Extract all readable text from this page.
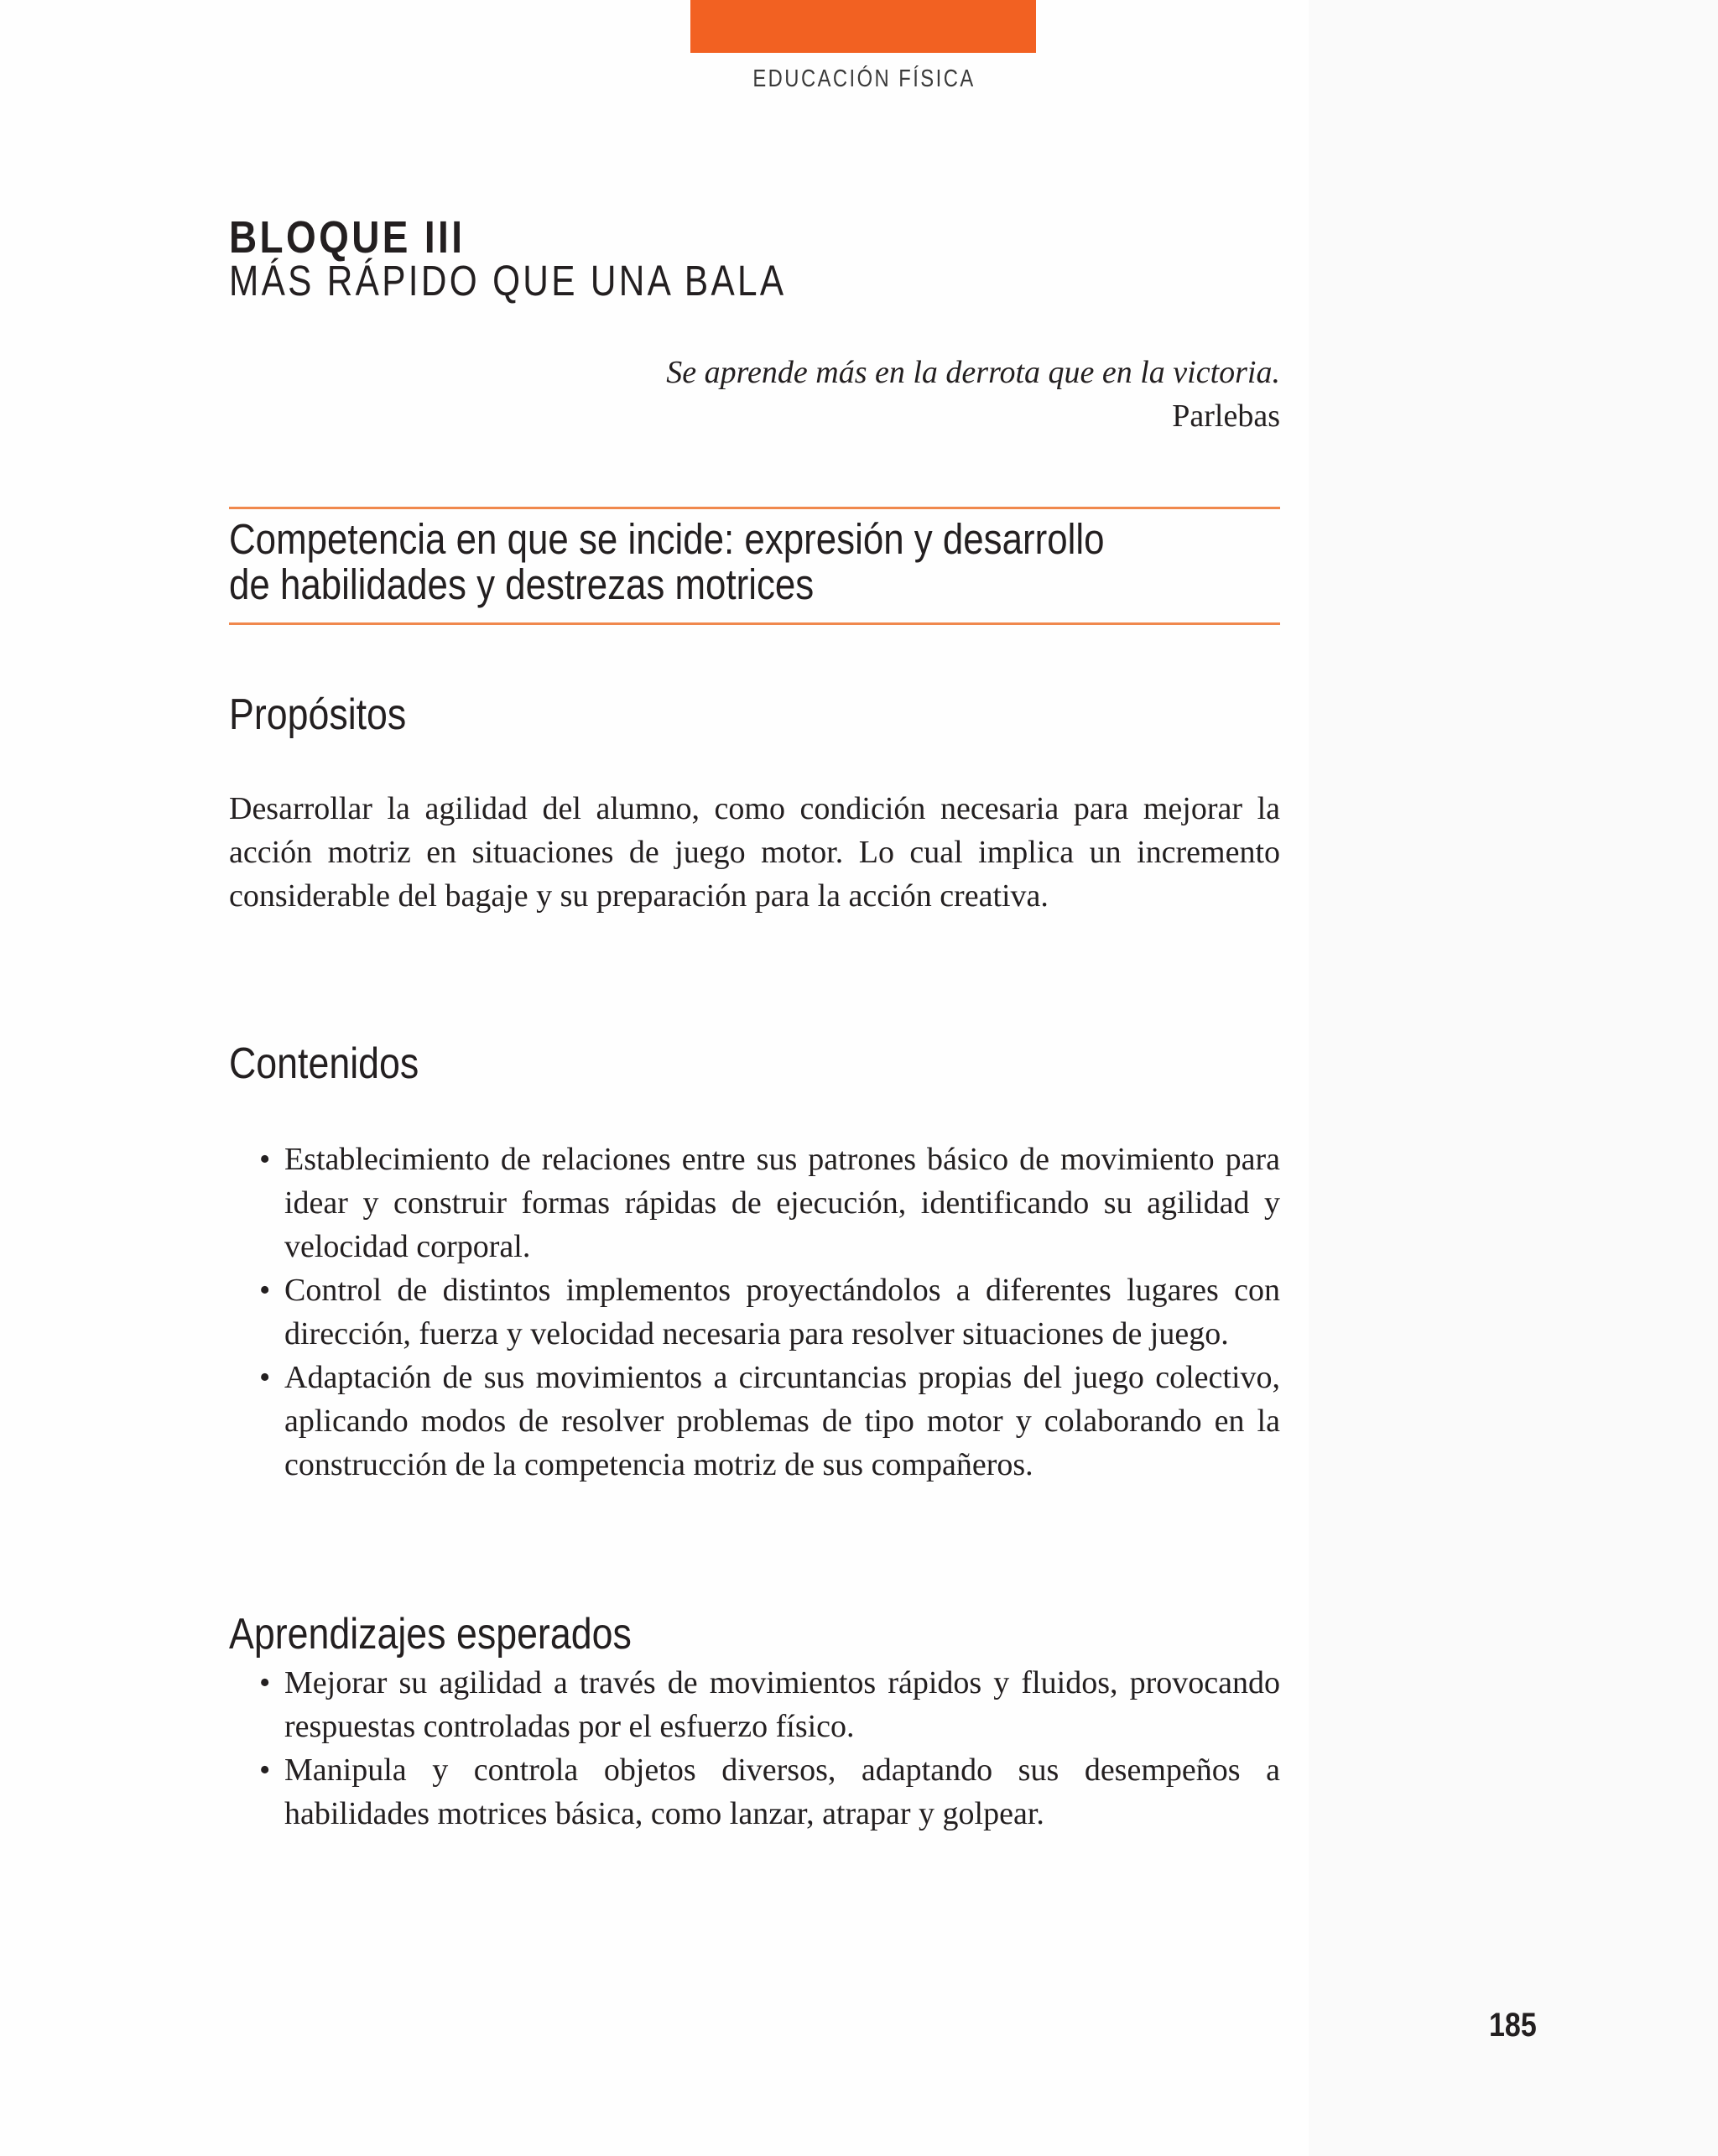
EDUCACIÓN FÍSICA
BLOQUE III
MÁS RÁPIDO QUE UNA BALA
Se aprende más en la derrota que en la victoria.
Parlebas
Competencia en que se incide: expresión y desarrollo
de habilidades y destrezas motrices
Propósitos

Desarrollar la agilidad del alumno, como condición necesaria para mejorar la acción motriz en situaciones de juego motor. Lo cual implica un incremento considerable del bagaje y su preparación para la acción creativa.

Contenidos
• Establecimiento de relaciones entre sus patrones básico de movimiento para idear y construir formas rápidas de ejecución, identificando su agilidad y velocidad corporal.
• Control de distintos implementos proyectándolos a diferentes lugares con dirección, fuerza y velocidad necesaria para resolver situaciones de juego.
• Adaptación de sus movimientos a circuntancias propias del juego colectivo, aplicando modos de resolver problemas de tipo motor y colaborando en la construcción de la competencia motriz de sus compañeros.
Aprendizajes esperados
• Mejorar su agilidad a través de movimientos rápidos y fluidos, provocando respuestas controladas por el esfuerzo físico.
• Manipula y controla objetos diversos, adaptando sus desempeños a habilidades motrices básica, como lanzar, atrapar y golpear.
185
